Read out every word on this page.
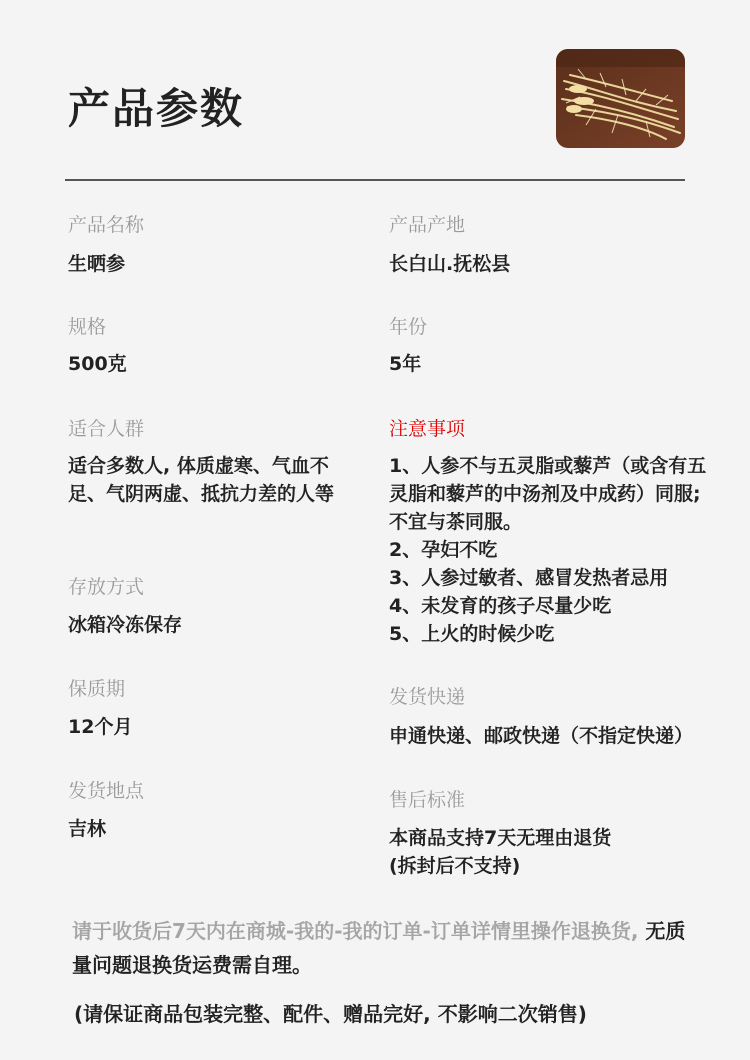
产品参数
产品名称
生晒参
规格
500克
适合人群
适合多数人, 体质虚寒、气血不足、气阴两虚、抵抗力差的人等
存放方式
冰箱冷冻保存
保质期
12个月
发货地点
吉林
产品产地
长白山.抚松县
年份
5年
注意事项
1、人参不与五灵脂或藜芦（或含有五灵脂和藜芦的中汤剂及中成药）同服; 不宜与茶同服。
2、孕妇不吃
3、人参过敏者、感冒发热者忌用
4、未发育的孩子尽量少吃
5、上火的时候少吃
发货快递
申通快递、邮政快递（不指定快递）
售后标准
本商品支持7天无理由退货
(拆封后不支持)
请于收货后7天内在商城-我的-我的订单-订单详情里操作退换货, 无质量问题退换货运费需自理。
(请保证商品包装完整、配件、赠品完好, 不影响二次销售)
